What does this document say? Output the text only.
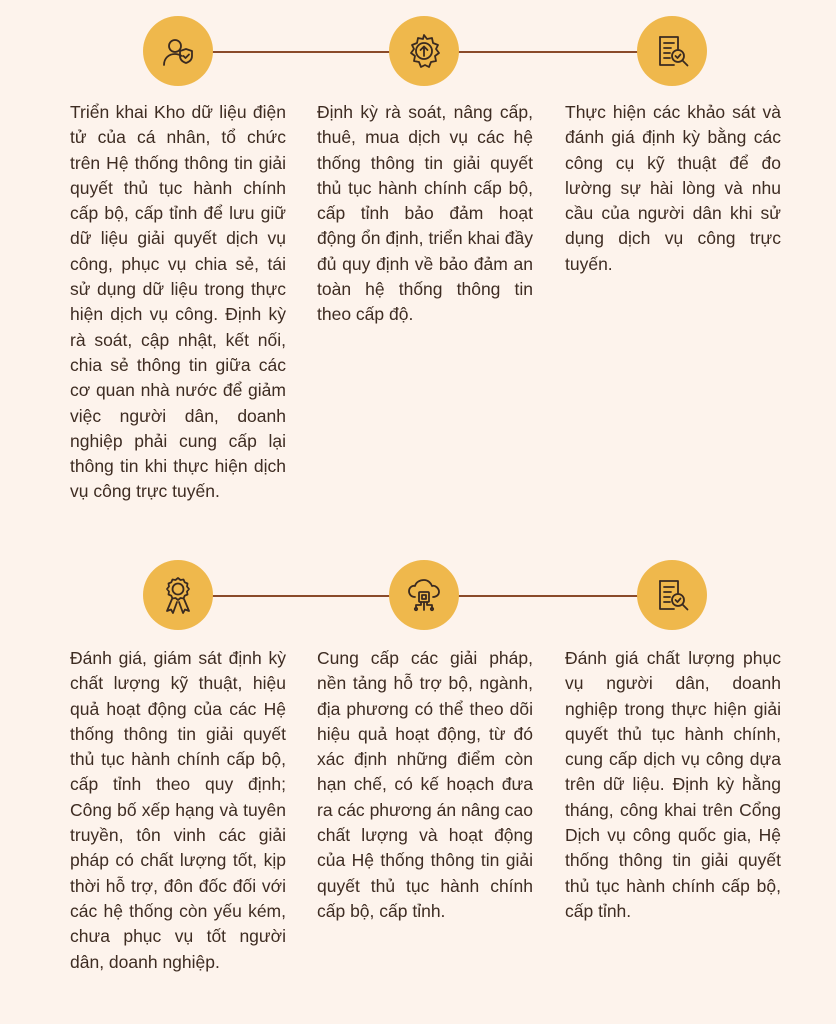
Triển khai Kho dữ liệu điện tử của cá nhân, tổ chức trên Hệ thống thông tin giải quyết thủ tục hành chính cấp bộ, cấp tỉnh để lưu giữ dữ liệu giải quyết dịch vụ công, phục vụ chia sẻ, tái sử dụng dữ liệu trong thực hiện dịch vụ công. Định kỳ rà soát, cập nhật, kết nối, chia sẻ thông tin giữa các cơ quan nhà nước để giảm việc người dân, doanh nghiệp phải cung cấp lại thông tin khi thực hiện dịch vụ công trực tuyến.
Định kỳ rà soát, nâng cấp, thuê, mua dịch vụ các hệ thống thông tin giải quyết thủ tục hành chính cấp bộ, cấp tỉnh bảo đảm hoạt động ổn định, triển khai đầy đủ quy định về bảo đảm an toàn hệ thống thông tin theo cấp độ.
Thực hiện các khảo sát và đánh giá định kỳ bằng các công cụ kỹ thuật để đo lường sự hài lòng và nhu cầu của người dân khi sử dụng dịch vụ công trực tuyến.
Đánh giá, giám sát định kỳ chất lượng kỹ thuật, hiệu quả hoạt động của các Hệ thống thông tin giải quyết thủ tục hành chính cấp bộ, cấp tỉnh theo quy định; Công bố xếp hạng và tuyên truyền, tôn vinh các giải pháp có chất lượng tốt, kịp thời hỗ trợ, đôn đốc đối với các hệ thống còn yếu kém, chưa phục vụ tốt người dân, doanh nghiệp.
Cung cấp các giải pháp, nền tảng hỗ trợ bộ, ngành, địa phương có thể theo dõi hiệu quả hoạt động, từ đó xác định những điểm còn hạn chế, có kế hoạch đưa ra các phương án nâng cao chất lượng và hoạt động của Hệ thống thông tin giải quyết thủ tục hành chính cấp bộ, cấp tỉnh.
Đánh giá chất lượng phục vụ người dân, doanh nghiệp trong thực hiện giải quyết thủ tục hành chính, cung cấp dịch vụ công dựa trên dữ liệu. Định kỳ hằng tháng, công khai trên Cổng Dịch vụ công quốc gia, Hệ thống thông tin giải quyết thủ tục hành chính cấp bộ, cấp tỉnh.
